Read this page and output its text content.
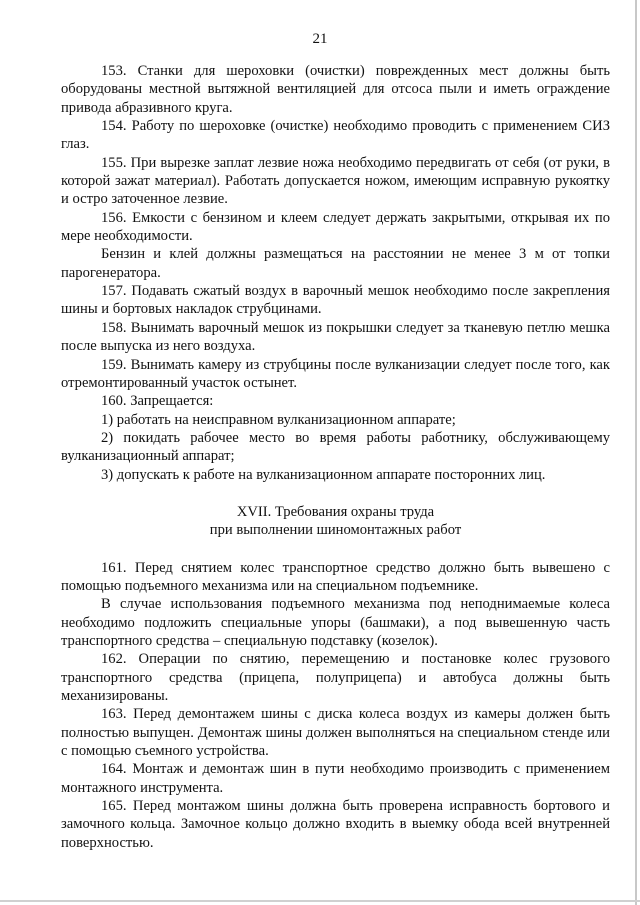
21

153. Станки для шероховки (очистки) поврежденных мест должны быть оборудованы местной вытяжной вентиляцией для отсоса пыли и иметь ограждение привода абразивного круга.

154. Работу по шероховке (очистке) необходимо проводить с применением СИЗ глаз.

155. При вырезке заплат лезвие ножа необходимо передвигать от себя (от руки, в которой зажат материал). Работать допускается ножом, имеющим исправную рукоятку и остро заточенное лезвие.

156. Емкости с бензином и клеем следует держать закрытыми, открывая их по мере необходимости.

Бензин и клей должны размещаться на расстоянии не менее 3 м от топки парогенератора.

157. Подавать сжатый воздух в варочный мешок необходимо после закрепления шины и бортовых накладок струбцинами.

158. Вынимать варочный мешок из покрышки следует за тканевую петлю мешка после выпуска из него воздуха.

159. Вынимать камеру из струбцины после вулканизации следует после того, как отремонтированный участок остынет.

160. Запрещается:

1) работать на неисправном вулканизационном аппарате;

2) покидать рабочее место во время работы работнику, обслуживающему вулканизационный аппарат;

3) допускать к работе на вулканизационном аппарате посторонних лиц.

XVII. Требования охраны труда
при выполнении шиномонтажных работ

161. Перед снятием колес транспортное средство должно быть вывешено с помощью подъемного механизма или на специальном подъемнике.

В случае использования подъемного механизма под неподнимаемые колеса необходимо подложить специальные упоры (башмаки), а под вывешенную часть транспортного средства – специальную подставку (козелок).

162. Операции по снятию, перемещению и постановке колес грузового транспортного средства (прицепа, полуприцепа) и автобуса должны быть механизированы.

163. Перед демонтажем шины с диска колеса воздух из камеры должен быть полностью выпущен. Демонтаж шины должен выполняться на специальном стенде или с помощью съемного устройства.

164. Монтаж и демонтаж шин в пути необходимо производить с применением монтажного инструмента.

165. Перед монтажом шины должна быть проверена исправность бортового и замочного кольца. Замочное кольцо должно входить в выемку обода всей внутренней поверхностью.
